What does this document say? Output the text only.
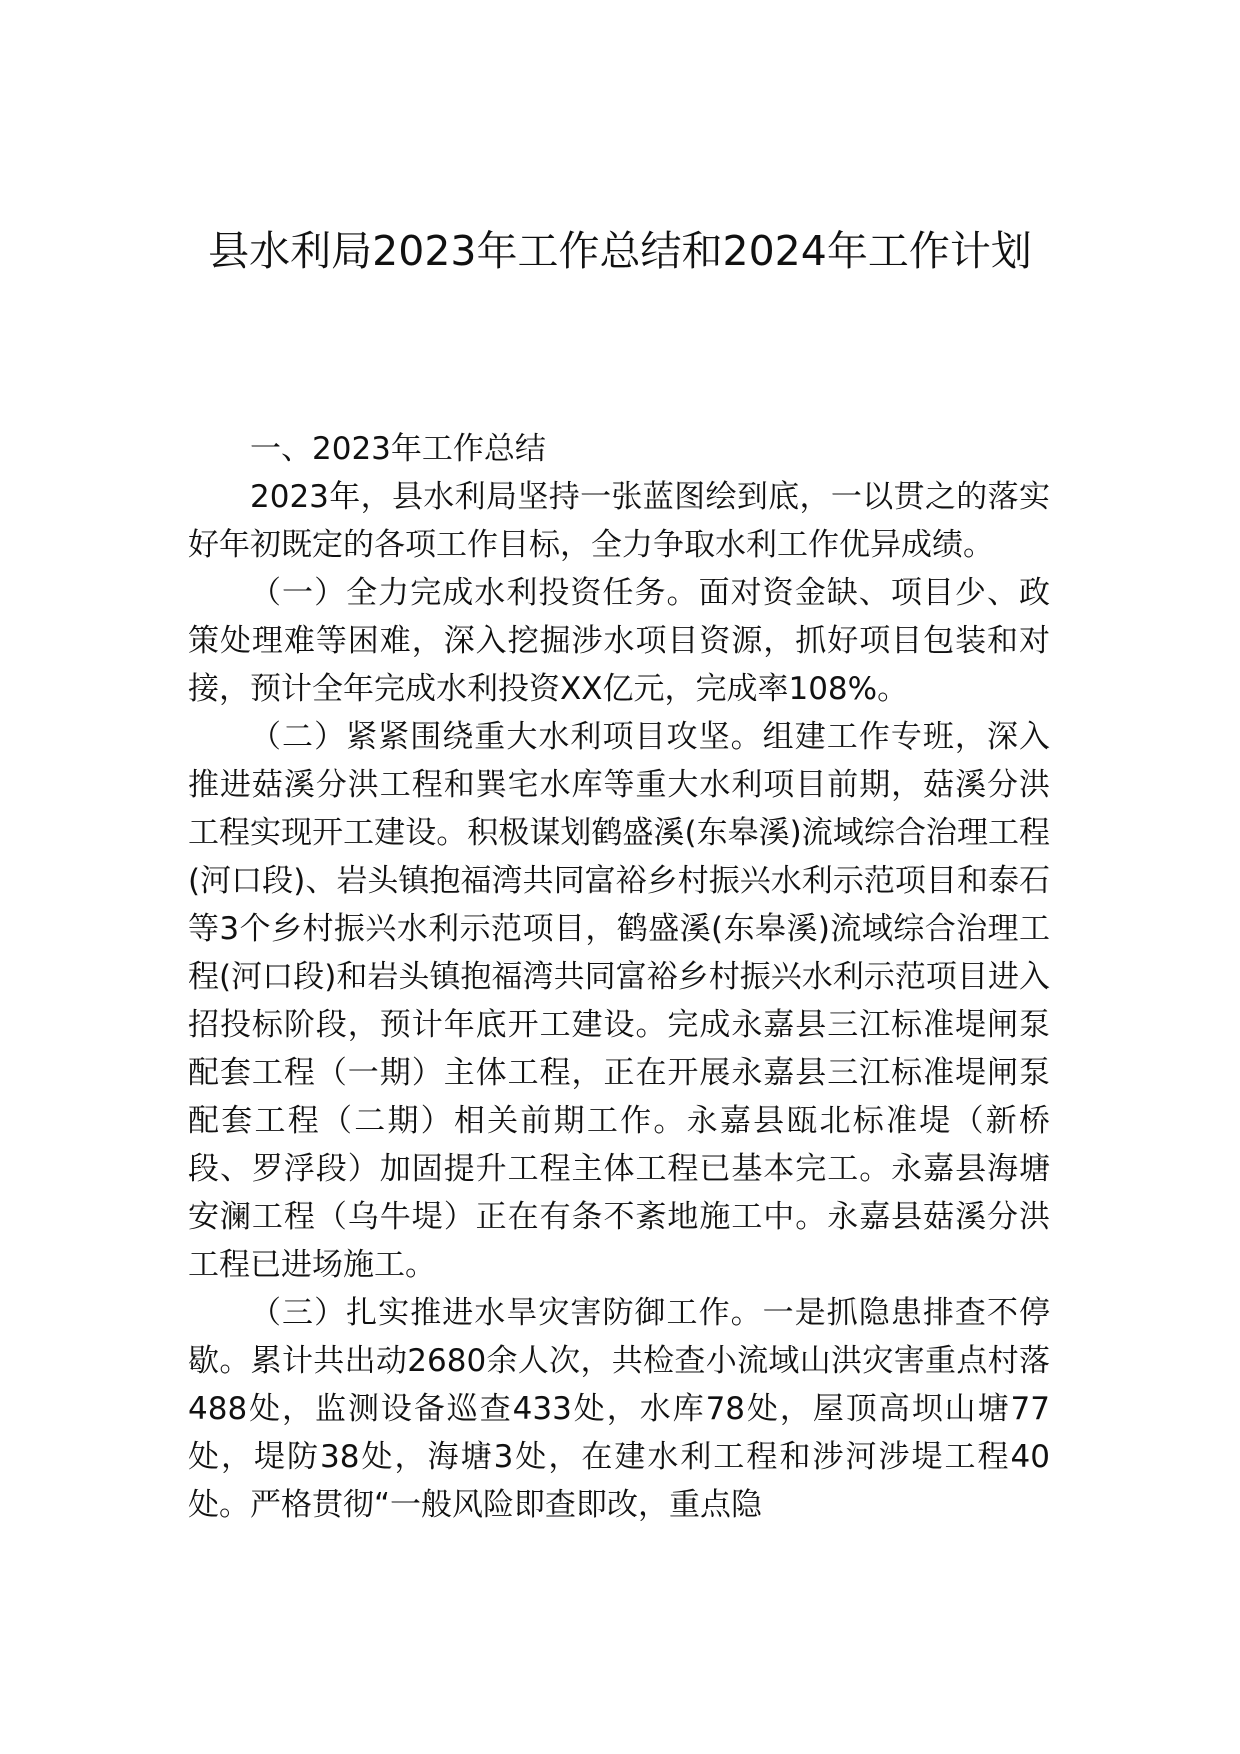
县水利局2023年工作总结和2024年工作计划

一、2023年工作总结

2023年，县水利局坚持一张蓝图绘到底，一以贯之的落实好年初既定的各项工作目标，全力争取水利工作优异成绩。

（一）全力完成水利投资任务。面对资金缺、项目少、政策处理难等困难，深入挖掘涉水项目资源，抓好项目包装和对接，预计全年完成水利投资XX亿元，完成率108%。

（二）紧紧围绕重大水利项目攻坚。组建工作专班，深入推进菇溪分洪工程和巽宅水库等重大水利项目前期，菇溪分洪工程实现开工建设。积极谋划鹤盛溪(东皋溪)流域综合治理工程(河口段)、岩头镇抱福湾共同富裕乡村振兴水利示范项目和泰石等3个乡村振兴水利示范项目，鹤盛溪(东皋溪)流域综合治理工程(河口段)和岩头镇抱福湾共同富裕乡村振兴水利示范项目进入招投标阶段，预计年底开工建设。完成永嘉县三江标准堤闸泵配套工程（一期）主体工程，正在开展永嘉县三江标准堤闸泵配套工程（二期）相关前期工作。永嘉县瓯北标准堤（新桥段、罗浮段）加固提升工程主体工程已基本完工。永嘉县海塘安澜工程（乌牛堤）正在有条不紊地施工中。永嘉县菇溪分洪工程已进场施工。

（三）扎实推进水旱灾害防御工作。一是抓隐患排查不停歇。累计共出动2680余人次，共检查小流域山洪灾害重点村落488处，监测设备巡查433处，水库78处，屋顶高坝山塘77处，堤防38处，海塘3处，在建水利工程和涉河涉堤工程40处。严格贯彻“一般风险即查即改，重点隐
